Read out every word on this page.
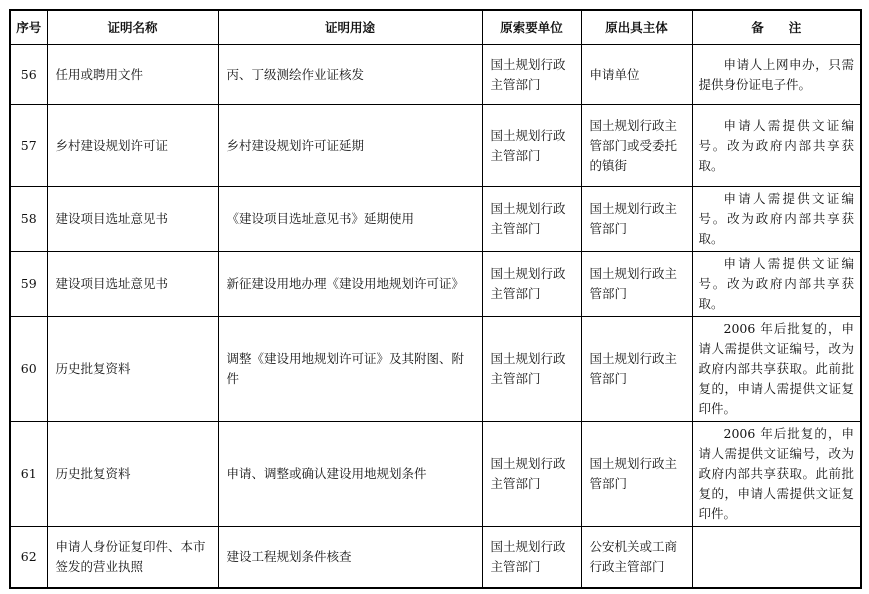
序号	证明名称	证明用途	原索要单位	原出具主体	备　　注
56	任用或聘用文件	丙、丁级测绘作业证核发	国土规划行政主管部门	申请单位	申请人上网申办，只需提供身份证电子件。
57	乡村建设规划许可证	乡村建设规划许可证延期	国土规划行政主管部门	国土规划行政主管部门或受委托的镇街	申请人需提供文证编号。改为政府内部共享获取。
58	建设项目选址意见书	《建设项目选址意见书》延期使用	国土规划行政主管部门	国土规划行政主管部门	申请人需提供文证编号。改为政府内部共享获取。
59	建设项目选址意见书	新征建设用地办理《建设用地规划许可证》	国土规划行政主管部门	国土规划行政主管部门	申请人需提供文证编号。改为政府内部共享获取。
60	历史批复资料	调整《建设用地规划许可证》及其附图、附件	国土规划行政主管部门	国土规划行政主管部门	2006 年后批复的，申请人需提供文证编号，改为政府内部共享获取。此前批复的，申请人需提供文证复印件。
61	历史批复资料	申请、调整或确认建设用地规划条件	国土规划行政主管部门	国土规划行政主管部门	2006 年后批复的，申请人需提供文证编号，改为政府内部共享获取。此前批复的，申请人需提供文证复印件。
62	申请人身份证复印件、本市签发的营业执照	建设工程规划条件核查	国土规划行政主管部门	公安机关或工商行政主管部门	
